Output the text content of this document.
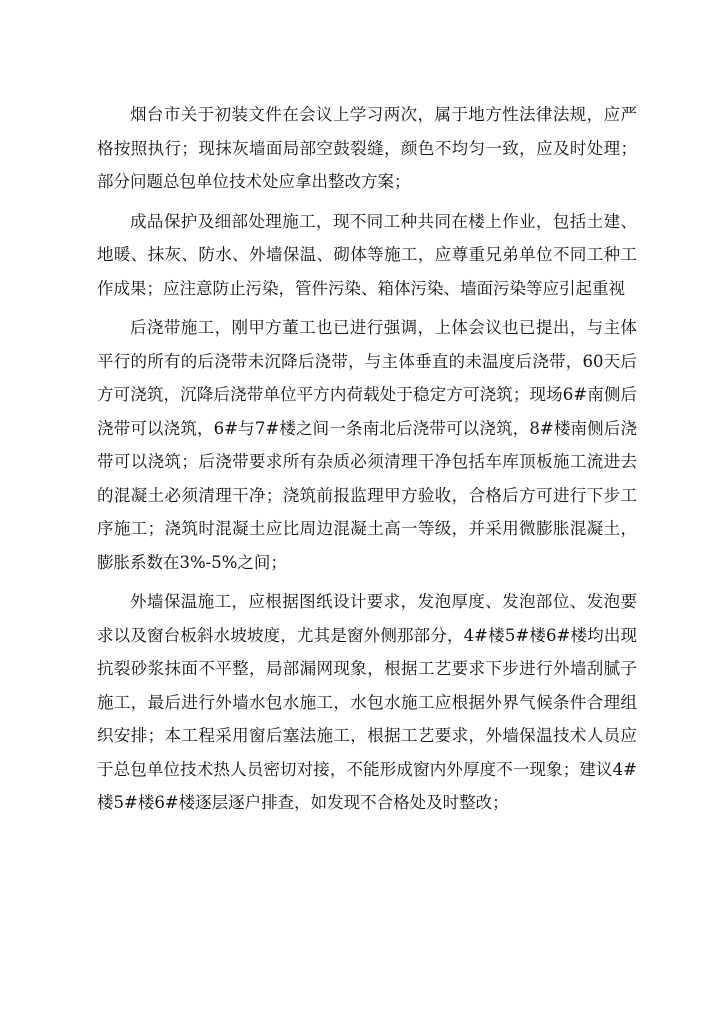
烟台市关于初装文件在会议上学习两次，属于地方性法律法规，应严格按照执行；现抹灰墙面局部空鼓裂缝，颜色不均匀一致，应及时处理；部分问题总包单位技术处应拿出整改方案；

成品保护及细部处理施工，现不同工种共同在楼上作业，包括土建、地暖、抹灰、防水、外墙保温、砌体等施工，应尊重兄弟单位不同工种工作成果；应注意防止污染，管件污染、箱体污染、墙面污染等应引起重视

后浇带施工，刚甲方董工也已进行强调，上体会议也已提出，与主体平行的所有的后浇带未沉降后浇带，与主体垂直的未温度后浇带，60天后方可浇筑，沉降后浇带单位平方内荷载处于稳定方可浇筑；现场6#南侧后浇带可以浇筑，6#与7#楼之间一条南北后浇带可以浇筑，8#楼南侧后浇带可以浇筑；后浇带要求所有杂质必须清理干净包括车库顶板施工流进去的混凝土必须清理干净；浇筑前报监理甲方验收，合格后方可进行下步工序施工；浇筑时混凝土应比周边混凝土高一等级，并采用微膨胀混凝土，膨胀系数在3%-5%之间；

外墙保温施工，应根据图纸设计要求，发泡厚度、发泡部位、发泡要求以及窗台板斜水坡坡度，尤其是窗外侧那部分，4#楼5#楼6#楼均出现抗裂砂浆抹面不平整，局部漏网现象，根据工艺要求下步进行外墙刮腻子施工，最后进行外墙水包水施工，水包水施工应根据外界气候条件合理组织安排；本工程采用窗后塞法施工，根据工艺要求，外墙保温技术人员应于总包单位技术热人员密切对接，不能形成窗内外厚度不一现象；建议4#楼5#楼6#楼逐层逐户排查，如发现不合格处及时整改；
